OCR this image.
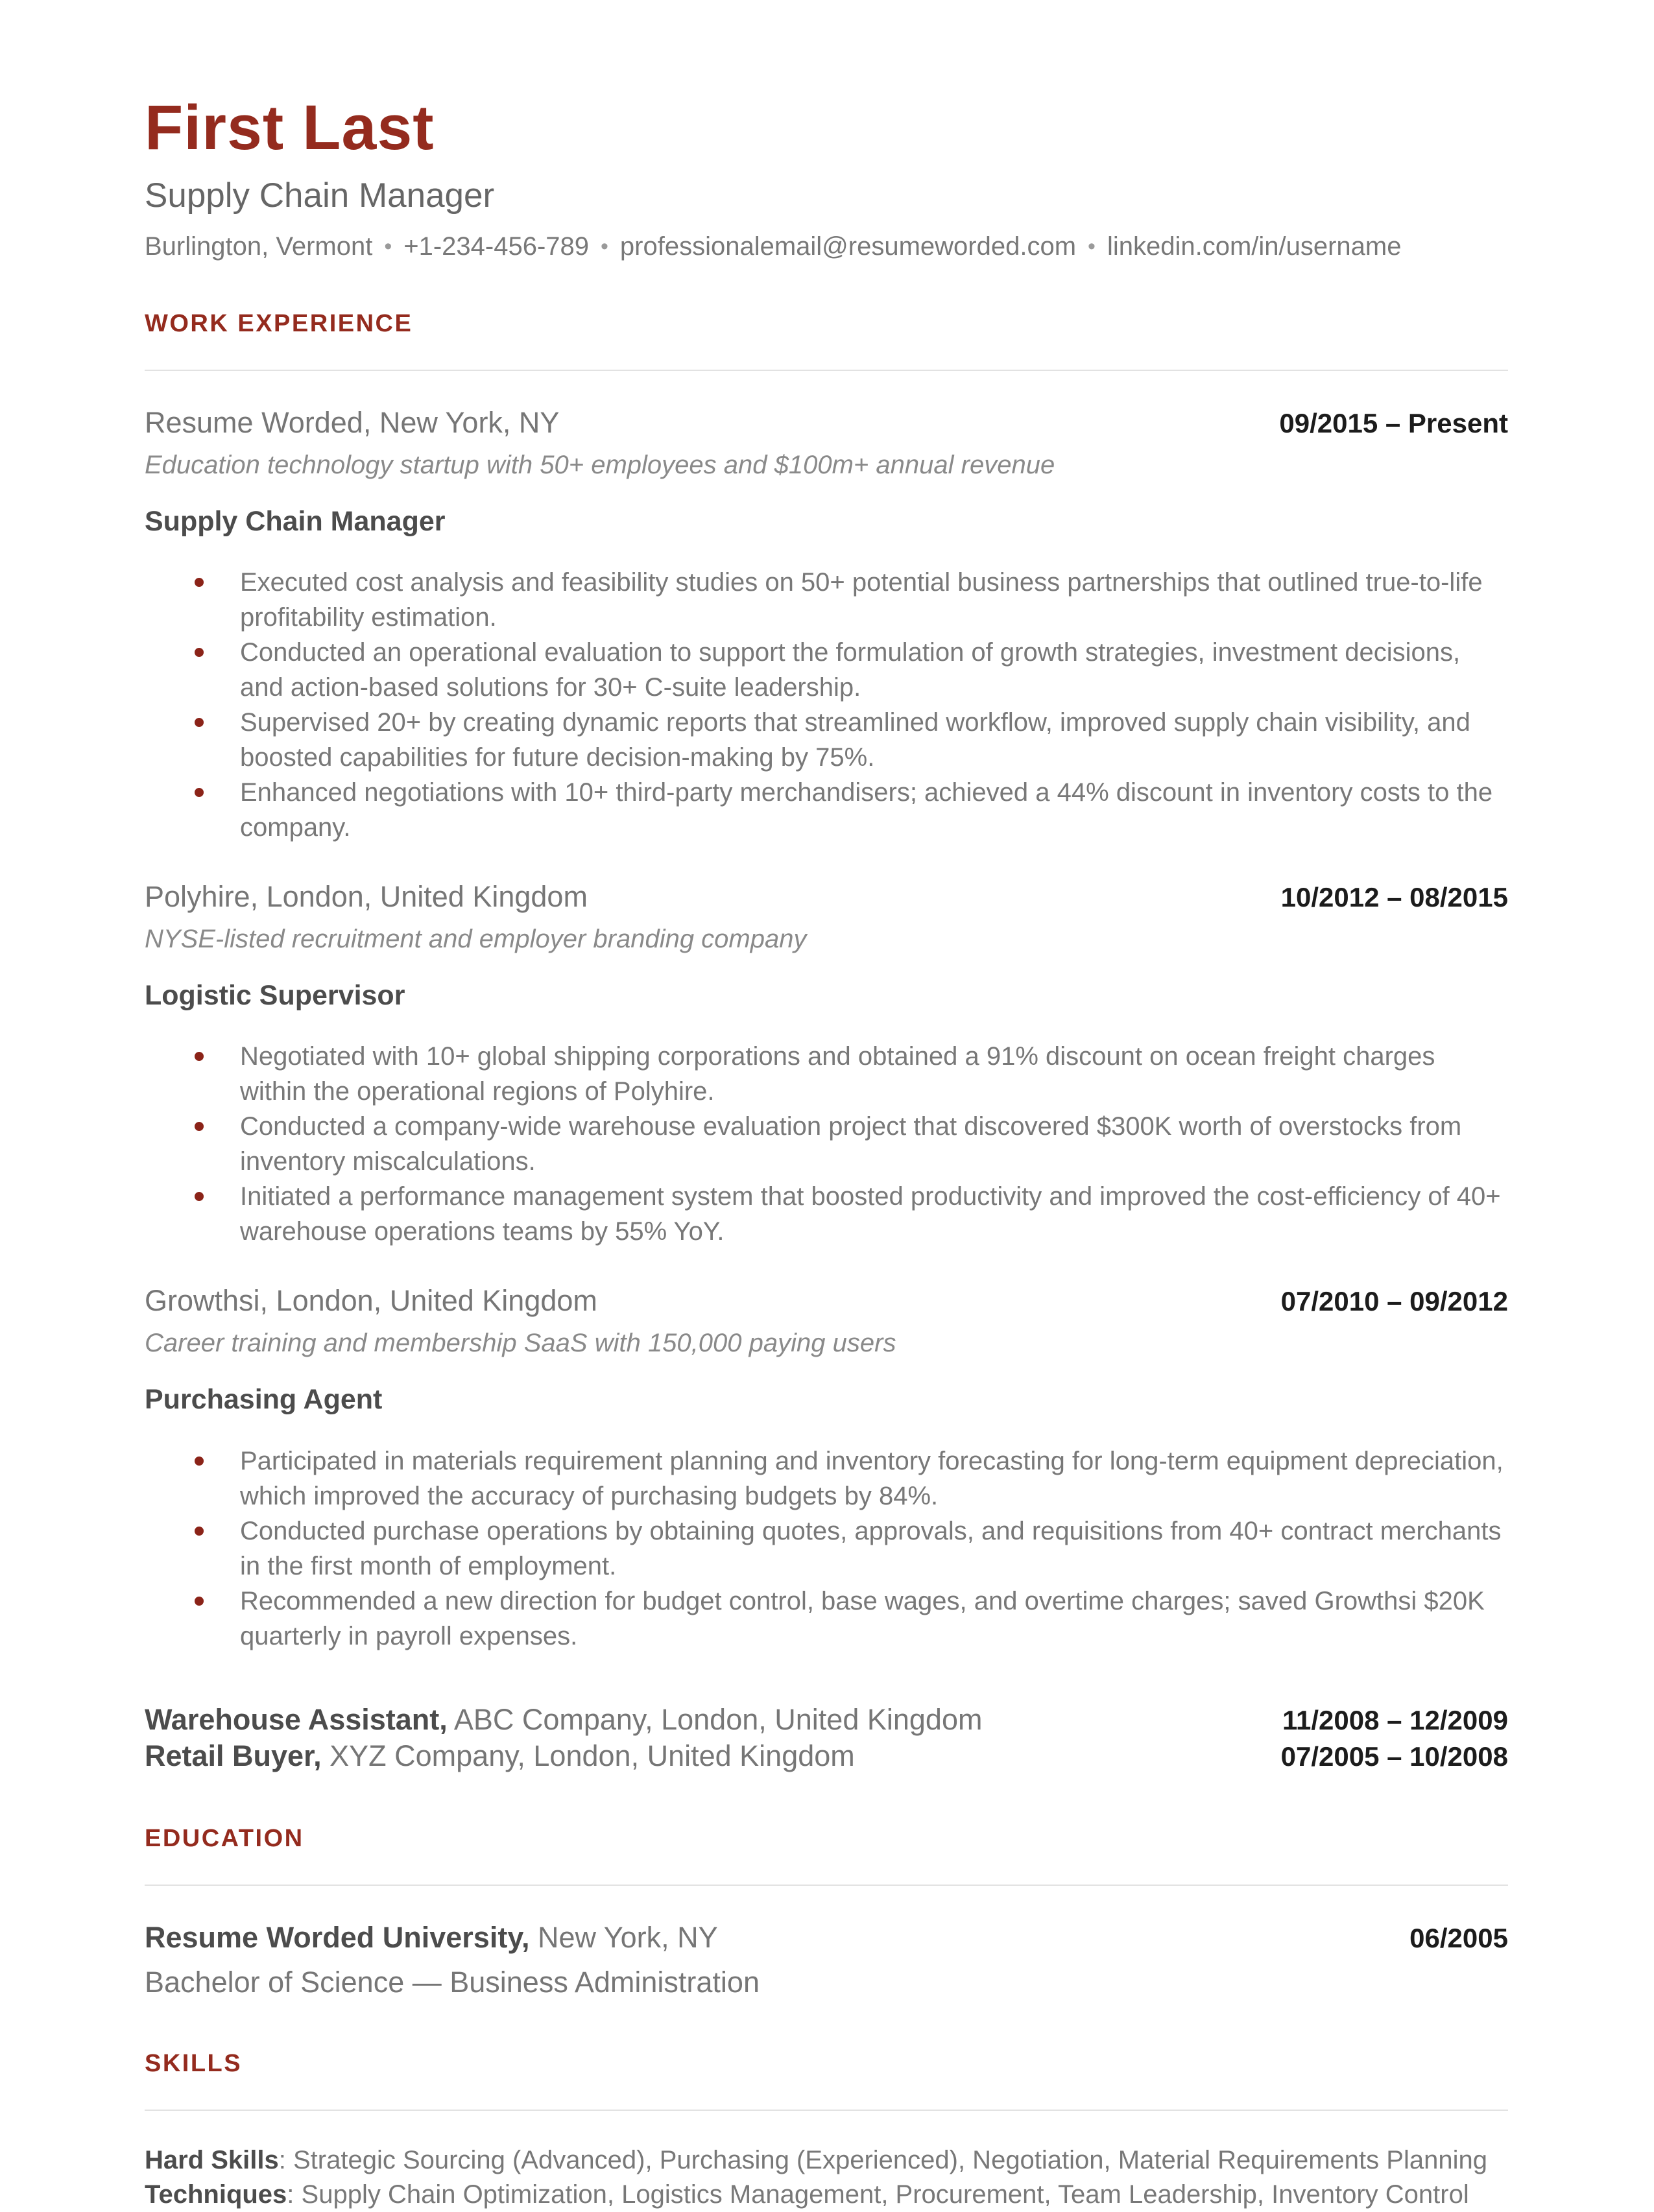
First Last
Supply Chain Manager
Burlington, Vermont • +1-234-456-789 • professionalemail@resumeworded.com • linkedin.com/in/username
WORK EXPERIENCE
Resume Worded, New York, NY	09/2015 – Present
Education technology startup with 50+ employees and $100m+ annual revenue
Supply Chain Manager
Executed cost analysis and feasibility studies on 50+ potential business partnerships that outlined true-to-life profitability estimation.
Conducted an operational evaluation to support the formulation of growth strategies, investment decisions, and action-based solutions for 30+ C-suite leadership.
Supervised 20+ by creating dynamic reports that streamlined workflow, improved supply chain visibility, and boosted capabilities for future decision-making by 75%.
Enhanced negotiations with 10+ third-party merchandisers; achieved a 44% discount in inventory costs to the company.
Polyhire, London, United Kingdom	10/2012 – 08/2015
NYSE-listed recruitment and employer branding company
Logistic Supervisor
Negotiated with 10+ global shipping corporations and obtained a 91% discount on ocean freight charges within the operational regions of Polyhire.
Conducted a company-wide warehouse evaluation project that discovered $300K worth of overstocks from inventory miscalculations.
Initiated a performance management system that boosted productivity and improved the cost-efficiency of 40+ warehouse operations teams by 55% YoY.
Growthsi, London, United Kingdom	07/2010 – 09/2012
Career training and membership SaaS with 150,000 paying users
Purchasing Agent
Participated in materials requirement planning and inventory forecasting for long-term equipment depreciation, which improved the accuracy of purchasing budgets by 84%.
Conducted purchase operations by obtaining quotes, approvals, and requisitions from 40+ contract merchants in the first month of employment.
Recommended a new direction for budget control, base wages, and overtime charges; saved Growthsi $20K quarterly in payroll expenses.
Warehouse Assistant, ABC Company, London, United Kingdom	11/2008 – 12/2009
Retail Buyer, XYZ Company, London, United Kingdom	07/2005 – 10/2008
EDUCATION
Resume Worded University, New York, NY	06/2005
Bachelor of Science — Business Administration
SKILLS
Hard Skills: Strategic Sourcing (Advanced), Purchasing (Experienced), Negotiation, Material Requirements Planning
Techniques: Supply Chain Optimization, Logistics Management, Procurement, Team Leadership, Inventory Control
